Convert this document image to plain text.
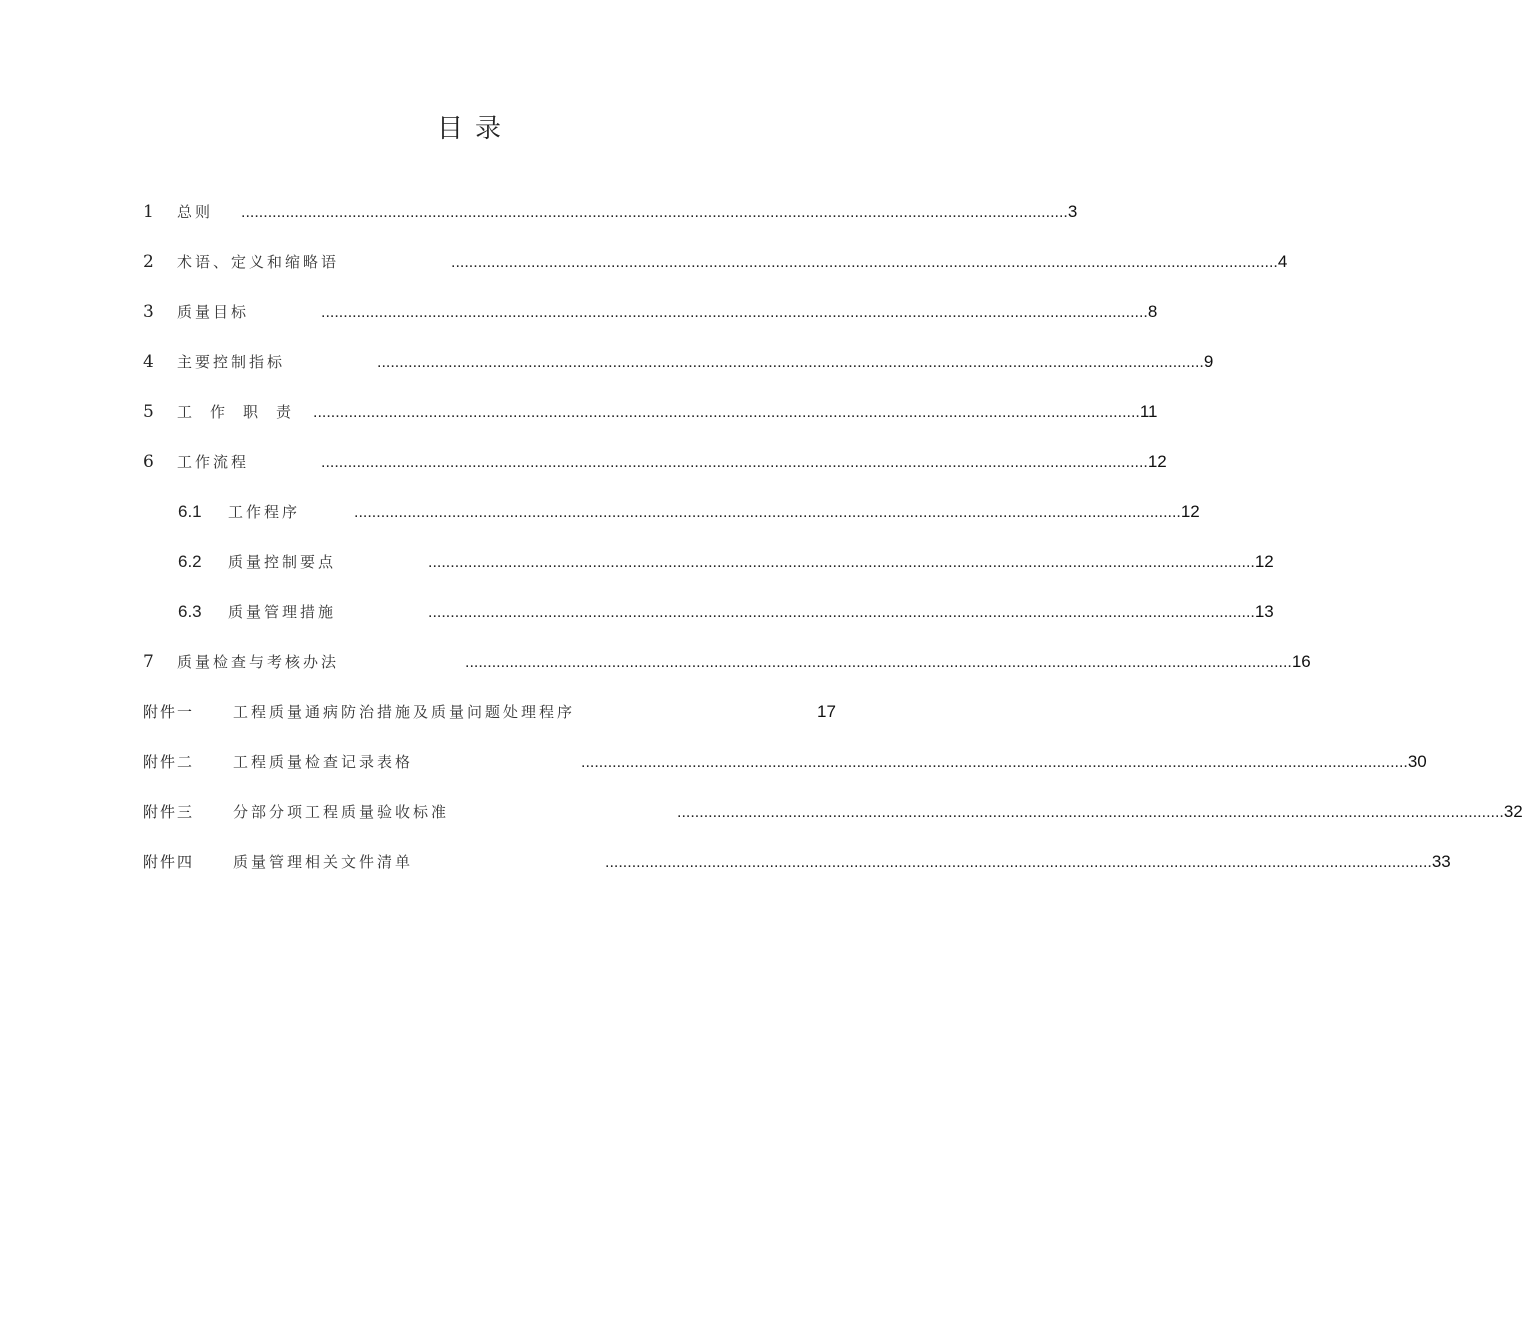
目录
1	总则 .......................................................................................................................................................................................... 3
2	术语、定义和缩略语	.......................................................................................................................................................................................... 4
3	质量目标	.......................................................................................................................................................................................... 8
4	主要控制指标	.......................................................................................................................................................................................... 9
5	工作职责 .......................................................................................................................................................................................... 11
6	工作流程	.......................................................................................................................................................................................... 12
6.1	工作程序	.......................................................................................................................................................................................... 12
6.2	质量控制要点	.......................................................................................................................................................................................... 12
6.3	质量管理措施	.......................................................................................................................................................................................... 13
7	质量检查与考核办法	.......................................................................................................................................................................................... 16
附件一	工程质量通病防治措施及质量问题处理程序	17
附件二	工程质量检查记录表格	.......................................................................................................................................................................................... 30
附件三	分部分项工程质量验收标准	.......................................................................................................................................................................................... 32
附件四	质量管理相关文件清单	.......................................................................................................................................................................................... 33
